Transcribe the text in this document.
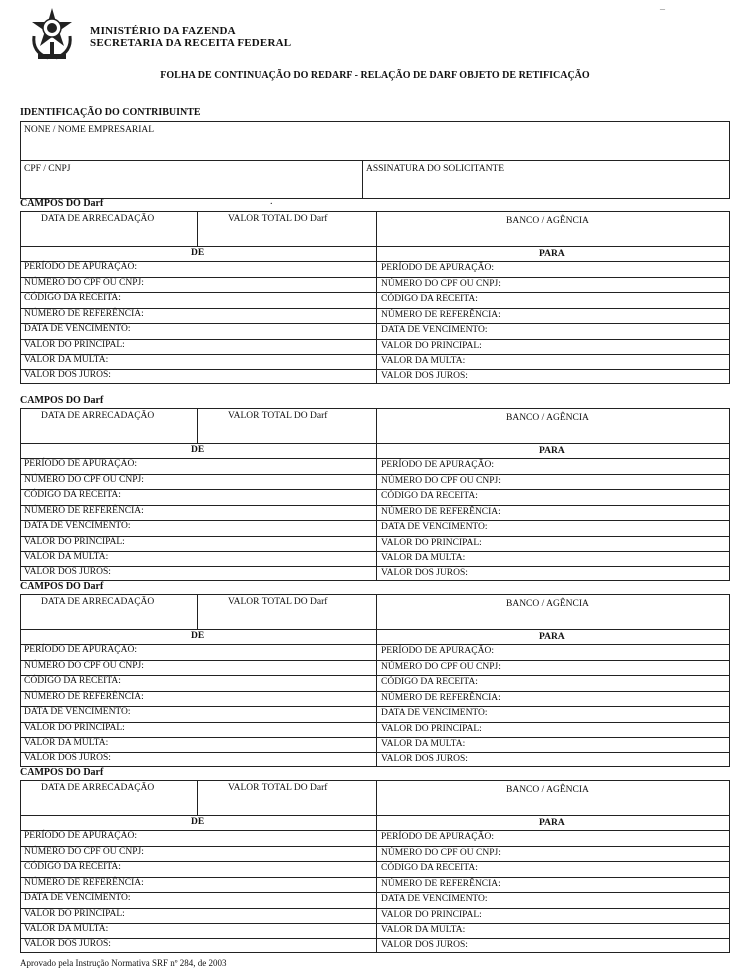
MINISTÉRIO DA FAZENDA
SECRETARIA DA RECEITA FEDERAL
–
FOLHA DE CONTINUAÇÃO DO REDARF - RELAÇÃO DE DARF OBJETO DE RETIFICAÇÃO
IDENTIFICAÇÃO DO CONTRIBUINTE
NONE / NOME EMPRESARIAL
CPF / CNPJ	ASSINATURA DO SOLICITANTE
.
CAMPOS DO Darf
DATA DE ARRECADAÇÃO	VALOR TOTAL DO Darf	BANCO / AGÊNCIA
DE	PARA
PERÍODO DE APURAÇÃO:	PERÍODO DE APURAÇÃO:
NÚMERO DO CPF OU CNPJ:	NÚMERO DO CPF OU CNPJ:
CÓDIGO DA RECEITA:	CÓDIGO DA RECEITA:
NÚMERO DE REFERÊNCIA:	NÚMERO DE REFERÊNCIA:
DATA DE VENCIMENTO:	DATA DE VENCIMENTO:
VALOR DO PRINCIPAL:	VALOR DO PRINCIPAL:
VALOR DA MULTA:	VALOR DA MULTA:
VALOR DOS JUROS:	VALOR DOS JUROS:
CAMPOS DO Darf
DATA DE ARRECADAÇÃO	VALOR TOTAL DO Darf	BANCO / AGÊNCIA
DE	PARA
PERÍODO DE APURAÇÃO:	PERÍODO DE APURAÇÃO:
NÚMERO DO CPF OU CNPJ:	NÚMERO DO CPF OU CNPJ:
CÓDIGO DA RECEITA:	CÓDIGO DA RECEITA:
NÚMERO DE REFERÊNCIA:	NÚMERO DE REFERÊNCIA:
DATA DE VENCIMENTO:	DATA DE VENCIMENTO:
VALOR DO PRINCIPAL:	VALOR DO PRINCIPAL:
VALOR DA MULTA:	VALOR DA MULTA:
VALOR DOS JUROS:	VALOR DOS JUROS:
CAMPOS DO Darf
DATA DE ARRECADAÇÃO	VALOR TOTAL DO Darf	BANCO / AGÊNCIA
DE	PARA
PERÍODO DE APURAÇÃO:	PERÍODO DE APURAÇÃO:
NÚMERO DO CPF OU CNPJ:	NÚMERO DO CPF OU CNPJ:
CÓDIGO DA RECEITA:	CÓDIGO DA RECEITA:
NÚMERO DE REFERÊNCIA:	NÚMERO DE REFERÊNCIA:
DATA DE VENCIMENTO:	DATA DE VENCIMENTO:
VALOR DO PRINCIPAL:	VALOR DO PRINCIPAL:
VALOR DA MULTA:	VALOR DA MULTA:
VALOR DOS JUROS:	VALOR DOS JUROS:
CAMPOS DO Darf
DATA DE ARRECADAÇÃO	VALOR TOTAL DO Darf	BANCO / AGÊNCIA
DE	PARA
PERÍODO DE APURAÇÃO:	PERÍODO DE APURAÇÃO:
NÚMERO DO CPF OU CNPJ:	NÚMERO DO CPF OU CNPJ:
CÓDIGO DA RECEITA:	CÓDIGO DA RECEITA:
NÚMERO DE REFERÊNCIA:	NÚMERO DE REFERÊNCIA:
DATA DE VENCIMENTO:	DATA DE VENCIMENTO:
VALOR DO PRINCIPAL:	VALOR DO PRINCIPAL:
VALOR DA MULTA:	VALOR DA MULTA:
VALOR DOS JUROS:	VALOR DOS JUROS:
Aprovado pela Instrução Normativa SRF nº 284, de 2003
